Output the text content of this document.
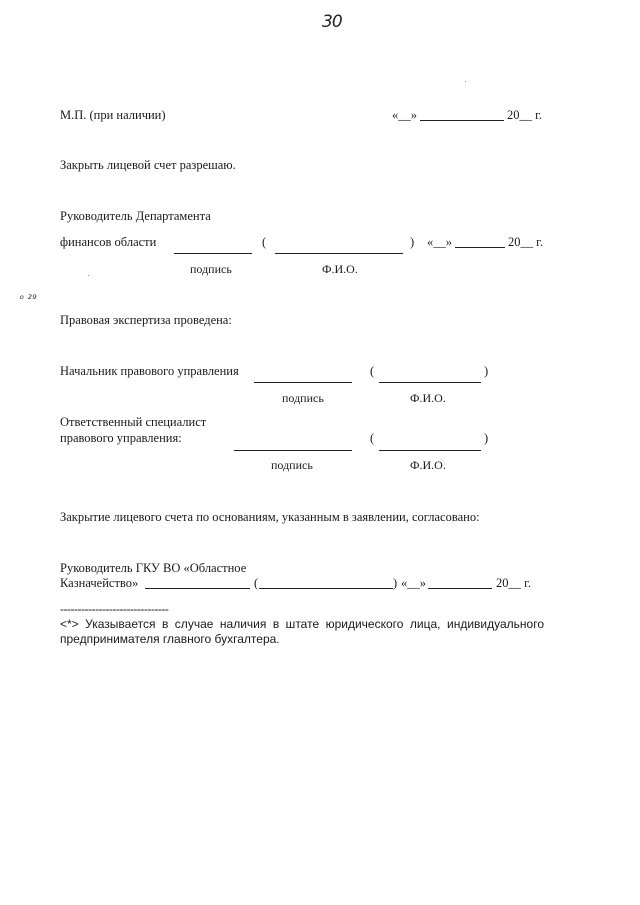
30
М.П. (при наличии)	«__»	20__ г.
Закрыть лицевой счет разрешаю.
Руководитель Департамента
финансов области	(	) «__»	20__ г.
подпись	Ф.И.О.
ₒ ₂₉
Правовая экспертиза проведена:
Начальник правового управления	(	)
подпись	Ф.И.О.
Ответственный специалист
правового управления:	(	)
подпись	Ф.И.О.
Закрытие лицевого счета по основаниям, указанным в заявлении, согласовано:
Руководитель ГКУ ВО «Областное
Казначейство»	(	) «__»	20__ г.
-------------------------------
<*> Указывается в случае наличия в штате юридического лица, индивидуального предпринимателя главного бухгалтера.
